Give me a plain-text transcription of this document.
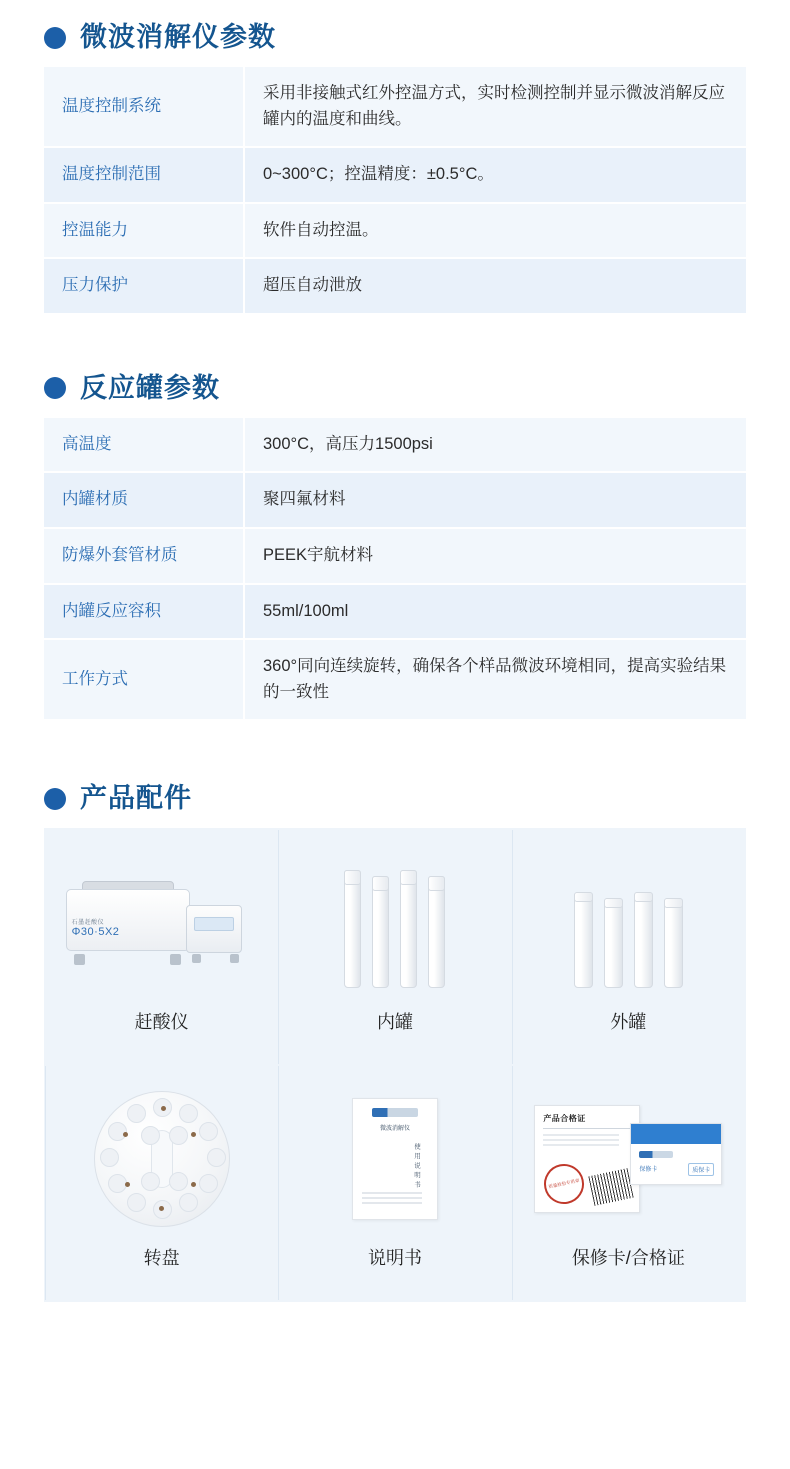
微波消解仪参数
温度控制系统	采用非接触式红外控温方式，实时检测控制并显示微波消解反应罐内的温度和曲线。
温度控制范围	0~300°C；控温精度：±0.5°C。
控温能力	软件自动控温。
压力保护	超压自动泄放
反应罐参数
高温度	300°C，高压力1500psi
内罐材质	聚四氟材料
防爆外套管材质	PEEK宇航材料
内罐反应容积	55ml/100ml
工作方式	360°同向连续旋转，确保各个样品微波环境相同，提高实验结果的一致性
产品配件
石墨赶酸仪
Φ30·5X2
赶酸仪	内罐	外罐
转盘
微波消解仪
使用说明书
说明书
产品合格证
质量检验专用章
保修卡	质保卡
保修卡/合格证
